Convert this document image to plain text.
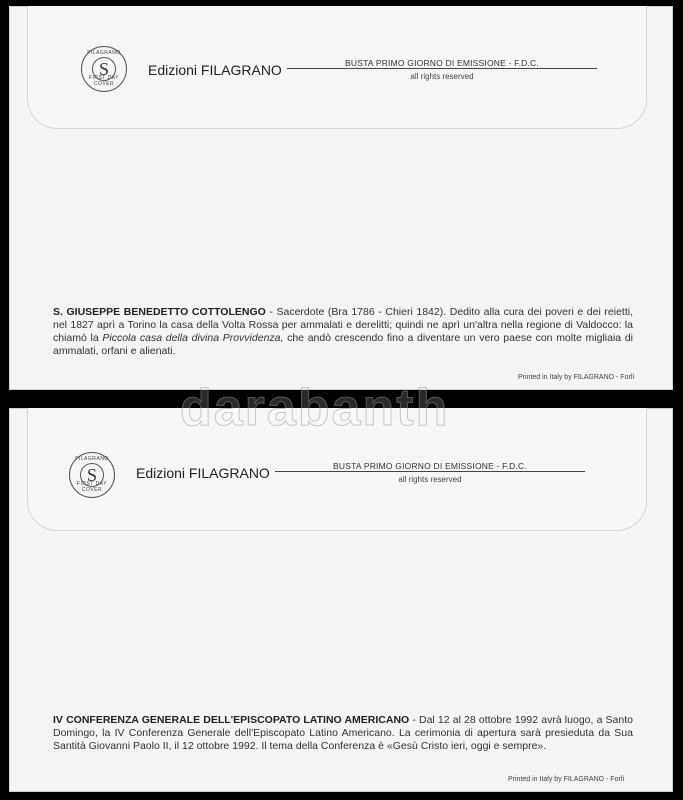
FILAGRANO
S
FIRST DAY COVER
Edizioni FILAGRANO	BUSTA PRIMO GIORNO DI EMISSIONE - F.D.C.
all rights reserved
S. GIUSEPPE BENEDETTO COTTOLENGO - Sacerdote (Bra 1786 - Chieri 1842). Dedito alla cura dei poveri e dei reietti, nel 1827 aprì a Torino la casa della Volta Rossa per ammalati e derelitti; quindi ne aprì un'altra nella regione di Valdocco: la chiamò la Piccola casa della divina Provvidenza, che andò crescendo fino a diventare un vero paese con molte migliaia di ammalati, orfani e alienati.
Printed in Italy by FILAGRANO - Forlì
FILAGRANO
S
FIRST DAY COVER
Edizioni FILAGRANO	BUSTA PRIMO GIORNO DI EMISSIONE - F.D.C.
all rights reserved
IV CONFERENZA GENERALE DELL'EPISCOPATO LATINO AMERICANO - Dal 12 al 28 ottobre 1992 avrà luogo, a Santo Domingo, la IV Conferenza Generale dell'Episcopato Latino Americano. La cerimonia di apertura sarà presieduta da Sua Santità Giovanni Paolo II, il 12 ottobre 1992. Il tema della Conferenza è «Gesù Cristo ieri, oggi e sempre».
Printed in Italy by FILAGRANO - Forlì
